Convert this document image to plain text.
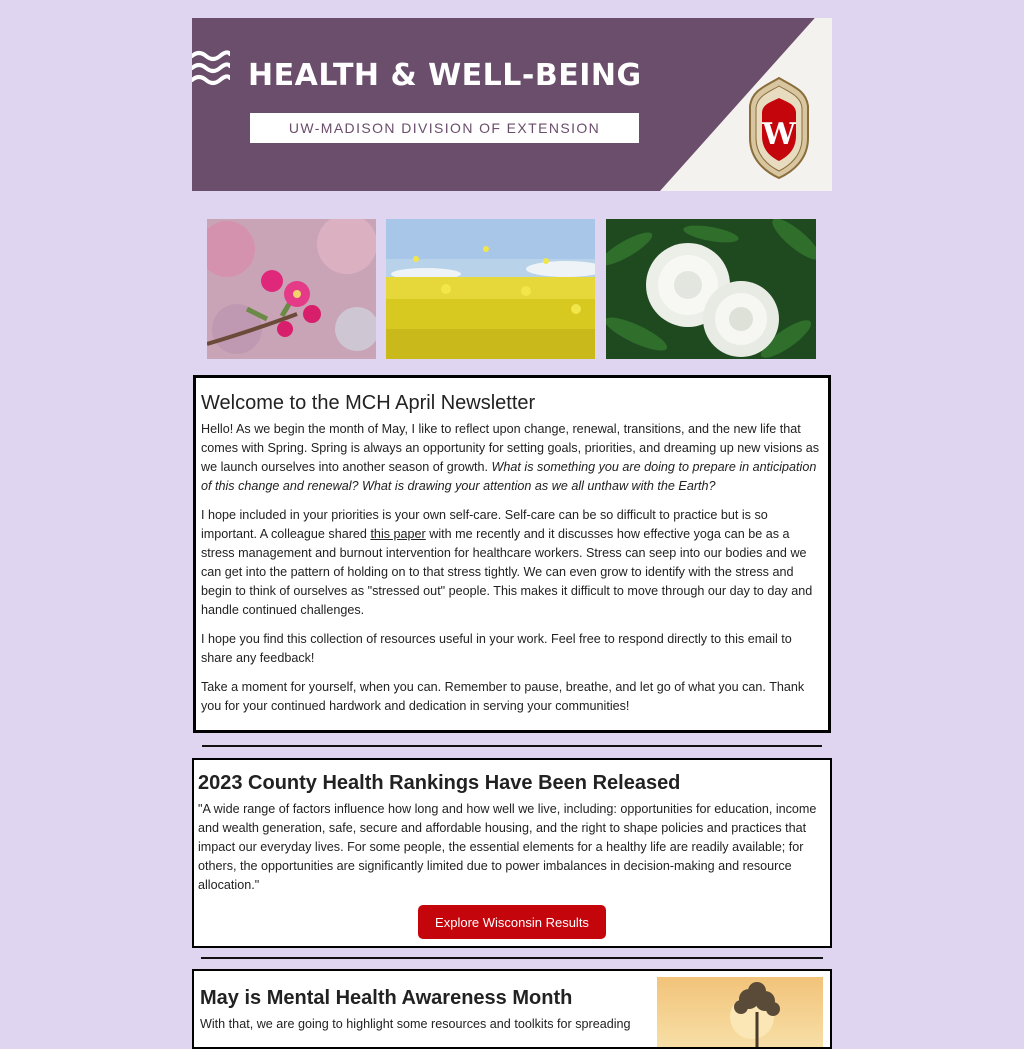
HEALTH & WELL-BEING
UW-MADISON DIVISION OF EXTENSION	W
Welcome to the MCH April Newsletter

Hello! As we begin the month of May, I like to reflect upon change, renewal, transitions, and the new life that comes with Spring. Spring is always an opportunity for setting goals, priorities, and dreaming up new visions as we launch ourselves into another season of growth. What is something you are doing to prepare in anticipation of this change and renewal? What is drawing your attention as we all unthaw with the Earth?

I hope included in your priorities is your own self-care. Self-care can be so difficult to practice but is so important. A colleague shared this paper with me recently and it discusses how effective yoga can be as a stress management and burnout intervention for healthcare workers. Stress can seep into our bodies and we can get into the pattern of holding on to that stress tightly. We can even grow to identify with the stress and begin to think of ourselves as "stressed out" people. This makes it difficult to move through our day to day and handle continued challenges.

I hope you find this collection of resources useful in your work. Feel free to respond directly to this email to share any feedback!

Take a moment for yourself, when you can. Remember to pause, breathe, and let go of what you can. Thank you for your continued hardwork and dedication in serving your communities!

2023 County Health Rankings Have Been Released

"A wide range of factors influence how long and how well we live, including: opportunities for education, income and wealth generation, safe, secure and affordable housing, and the right to shape policies and practices that impact our everyday lives. For some people, the essential elements for a healthy life are readily available; for others, the opportunities are significantly limited due to power imbalances in decision-making and resource allocation."

Explore Wisconsin Results
May is Mental Health Awareness Month

With that, we are going to highlight some resources and toolkits for spreading
